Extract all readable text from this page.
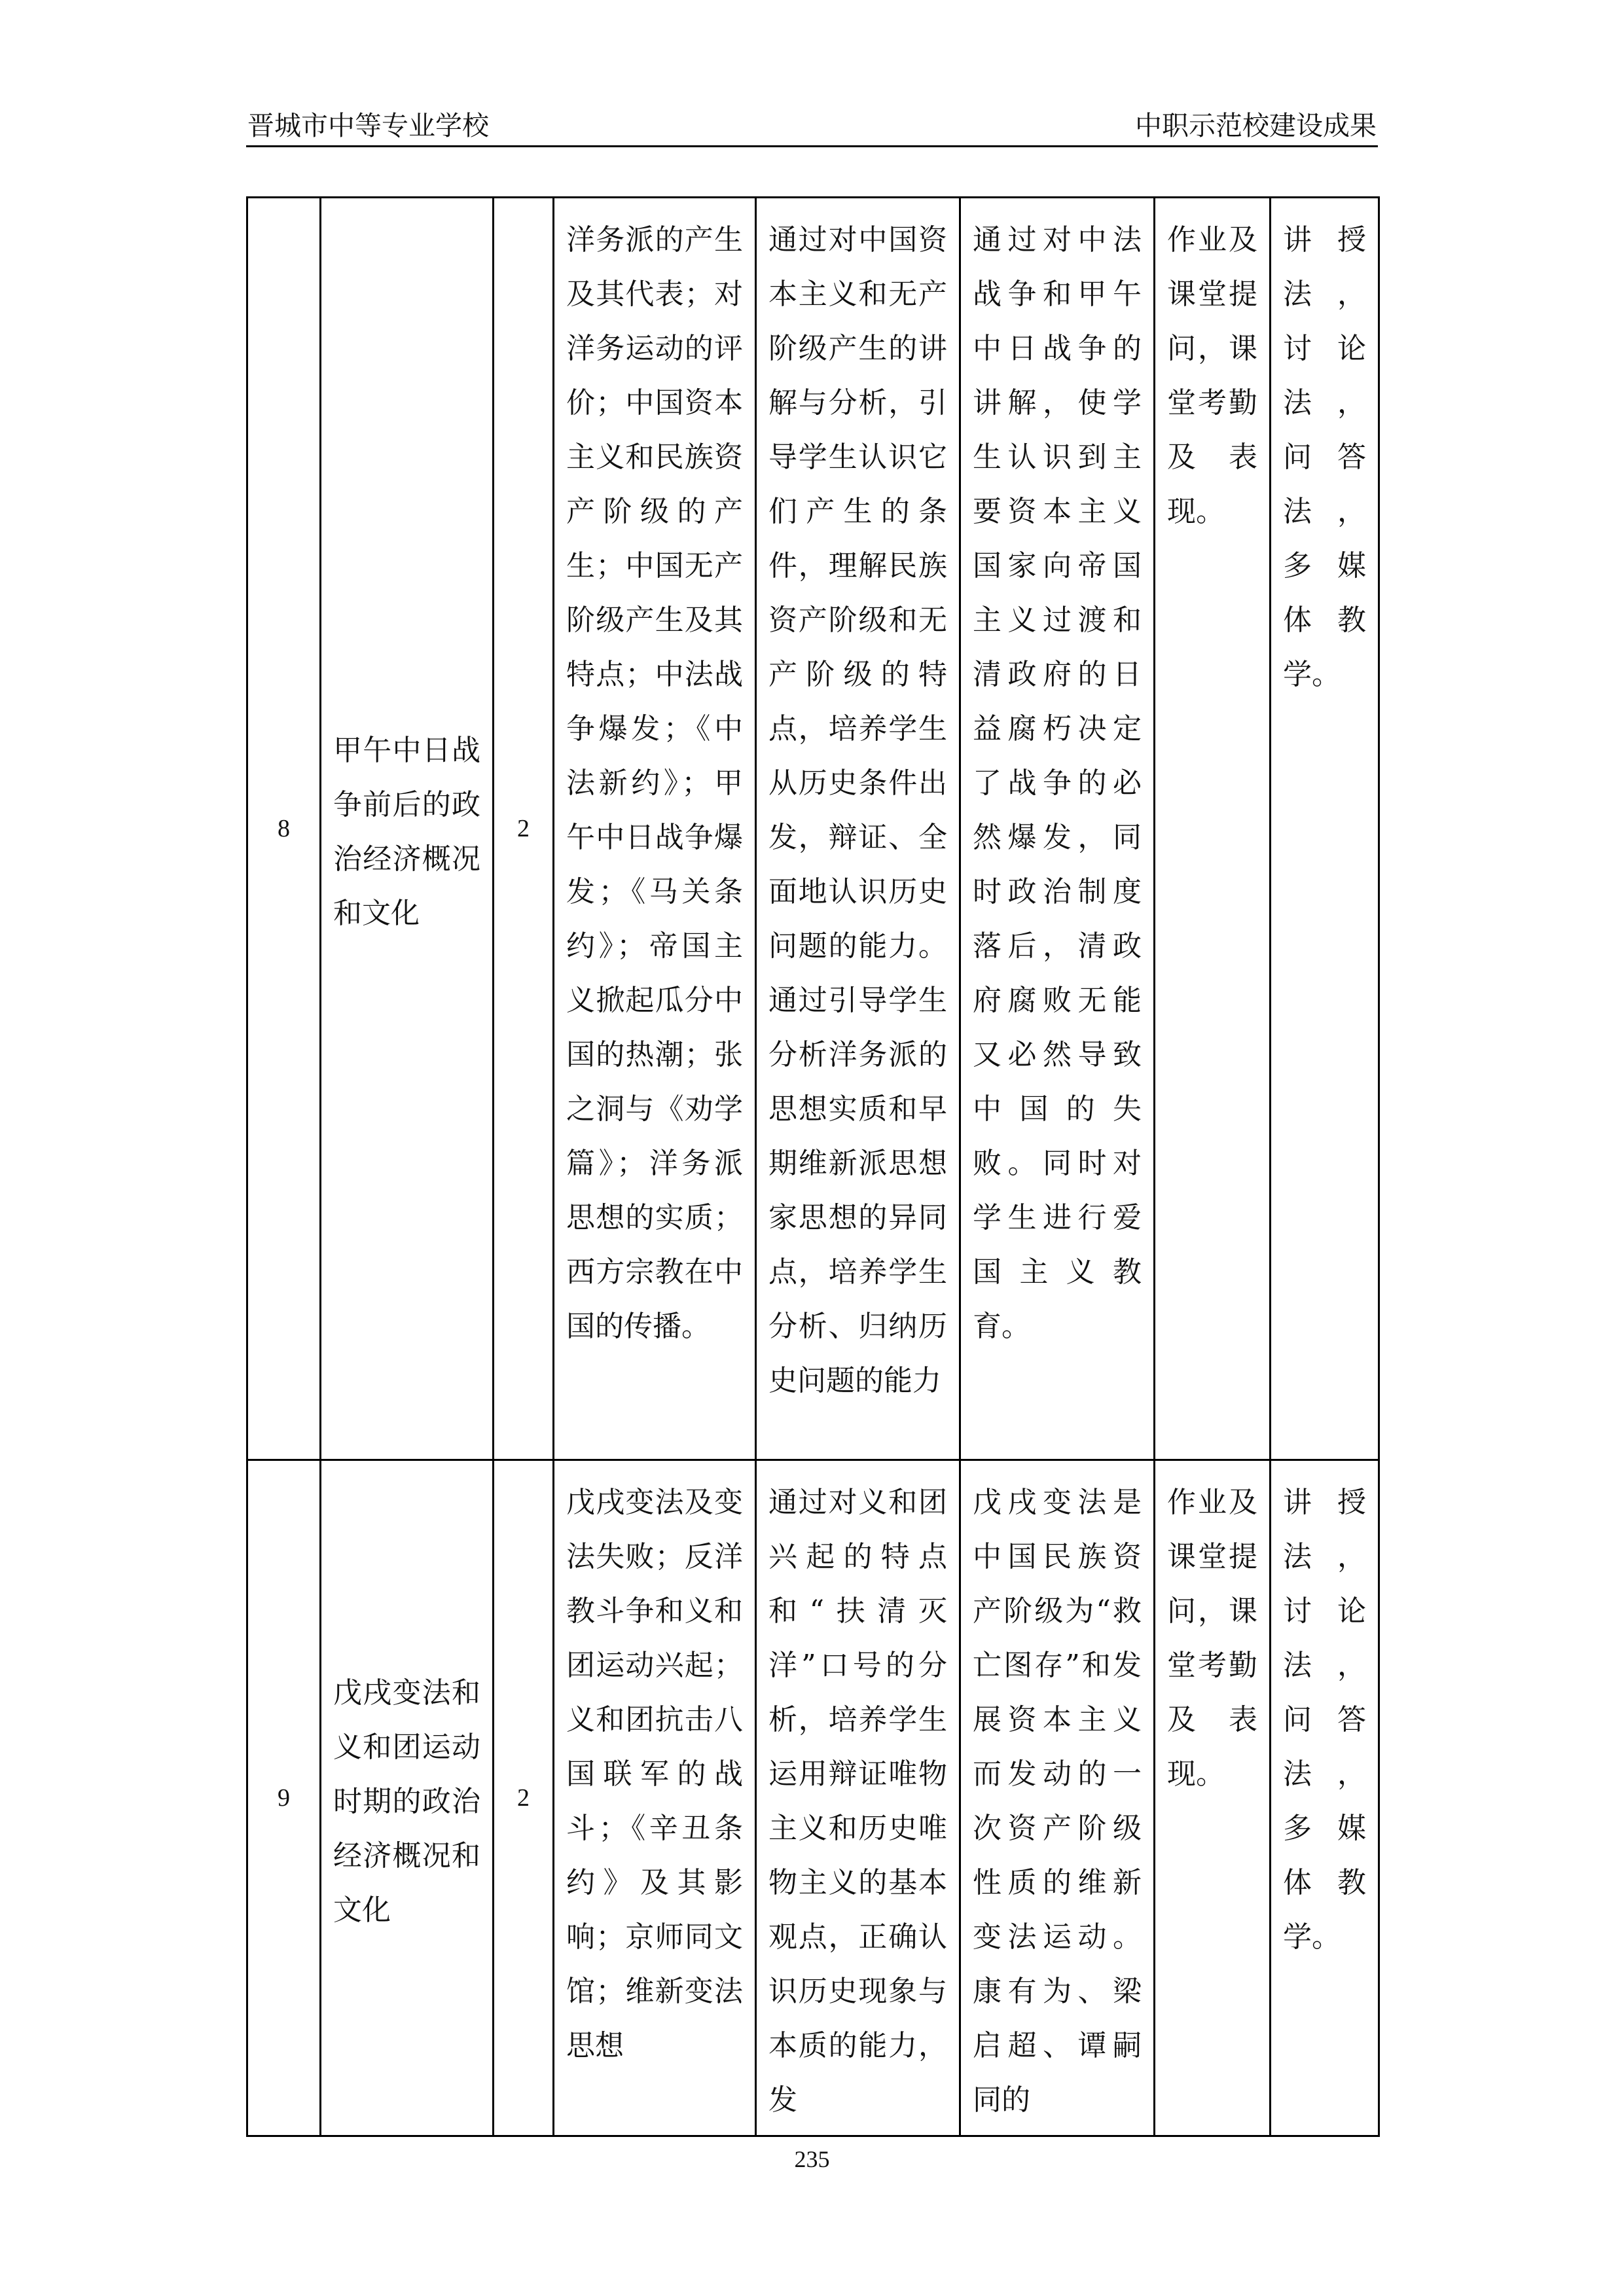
晋城市中等专业学校	中职示范校建设成果
8	甲午中日战争前后的政治经济概况和文化	2	洋务派的产生及其代表；对洋务运动的评价；中国资本主义和民族资产阶级的产生；中国无产阶级产生及其特点；中法战争爆发；《中法新约》；甲午中日战争爆发；《马关条约》；帝国主义掀起瓜分中国的热潮；张之洞与《劝学篇》；洋务派思想的实质；西方宗教在中国的传播。	通过对中国资本主义和无产阶级产生的讲解与分析，引导学生认识它们产生的条件，理解民族资产阶级和无产阶级的特点，培养学生从历史条件出发，辩证、全面地认识历史问题的能力。通过引导学生分析洋务派的思想实质和早期维新派思想家思想的异同点，培养学生分析、归纳历史问题的能力	通过对中法战争和甲午中日战争的讲解，使学生认识到主要资本主义国家向帝国主义过渡和清政府的日益腐朽决定了战争的必然爆发，同时政治制度落后，清政府腐败无能又必然导致中国的失败。同时对学生进行爱国主义教育。	作业及课堂提问，课堂考勤及表现。	讲授法，讨论法，问答法，多媒体教学。

9	戊戌变法和义和团运动时期的政治经济概况和文化	2	戊戌变法及变法失败；反洋教斗争和义和团运动兴起；义和团抗击八国联军的战斗；《辛丑条约》及其影响；京师同文馆；维新变法思想	通过对义和团兴起的特点和“扶清灭洋”口号的分析，培养学生运用辩证唯物主义和历史唯物主义的基本观点，正确认识历史现象与本质的能力，发	戊戌变法是中国民族资产阶级为“救亡图存”和发展资本主义而发动的一次资产阶级性质的维新变法运动。康有为、梁启超、谭嗣同的	作业及课堂提问，课堂考勤及表现。	讲授法，讨论法，问答法，多媒体教学。
235
